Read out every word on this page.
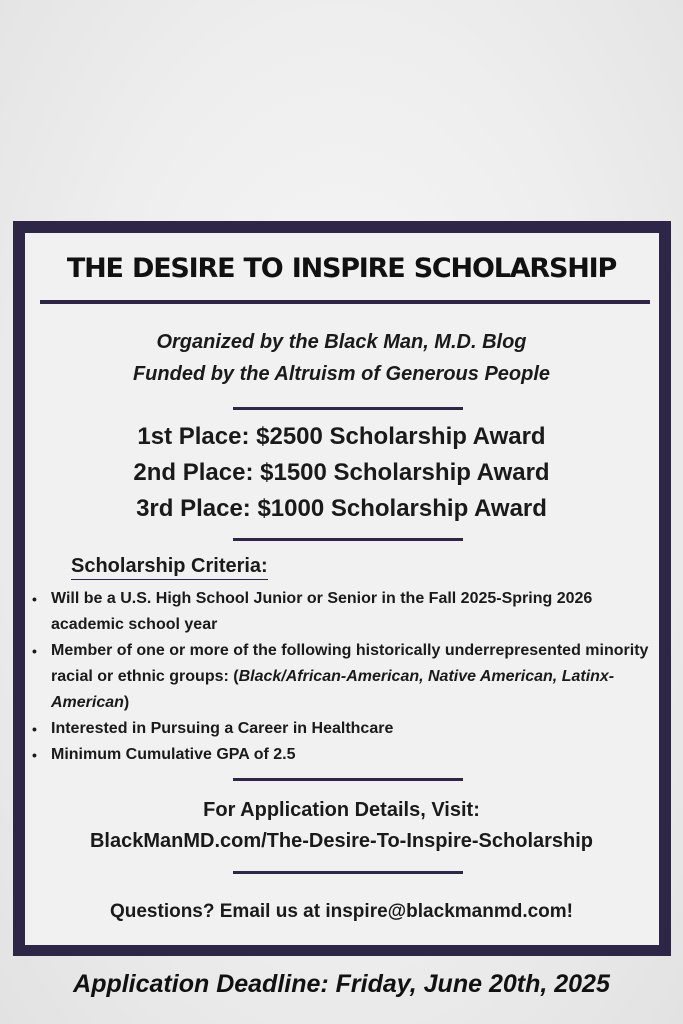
THE DESIRE TO INSPIRE SCHOLARSHIP
Organized by the Black Man, M.D. Blog
Funded by the Altruism of Generous People
1st Place: $2500 Scholarship Award
2nd Place: $1500 Scholarship Award
3rd Place: $1000 Scholarship Award
Scholarship Criteria:
• Will be a U.S. High School Junior or Senior in the Fall 2025-Spring 2026 academic school year
• Member of one or more of the following historically underrepresented minority racial or ethnic groups: (Black/African-American, Native American, Latinx-American)
• Interested in Pursuing a Career in Healthcare
• Minimum Cumulative GPA of 2.5
For Application Details, Visit:
BlackManMD.com/The-Desire-To-Inspire-Scholarship
Questions? Email us at inspire@blackmanmd.com!
Application Deadline: Friday, June 20th, 2025
